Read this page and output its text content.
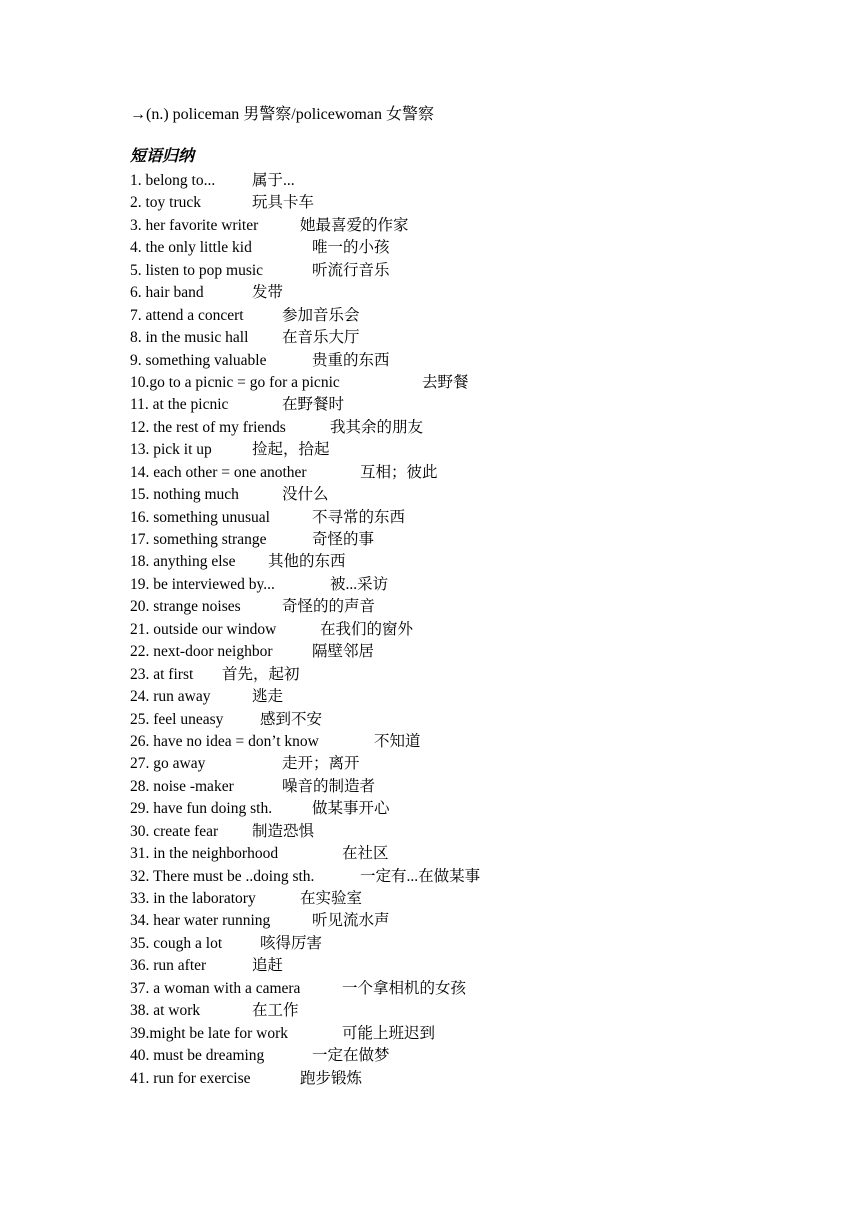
→(n.) policeman 男警察/policewoman 女警察
短语归纳
1. belong to... 属于...
2. toy truck	玩具卡车
3. her favorite writer	她最喜爱的作家
4. the only little kid	唯一的小孩
5. listen to pop music	听流行音乐
6. hair band	发带
7. attend a concert 参加音乐会
8. in the music hall 在音乐大厅
9. something valuable	贵重的东西
10.go to a picnic = go for a picnic	去野餐
11. at the picnic	在野餐时
12. the rest of my friends	我其余的朋友
13. pick it up	捡起，拾起
14. each other = one another	互相；彼此
15. nothing much	没什么
16. something unusual	不寻常的东西
17. something strange	奇怪的事
18. anything else 其他的东西
19. be interviewed by...	被...采访
20. strange noises	奇怪的的声音
21. outside our window	在我们的窗外
22. next-door neighbor	隔壁邻居
23. at first 首先，起初
24. run away	逃走
25. feel uneasy 感到不安
26. have no idea = don’t know	不知道
27. go away	走开；离开
28. noise -maker	噪音的制造者
29. have fun doing sth.	做某事开心
30. create fear 制造恐惧
31. in the neighborhood	在社区
32. There must be ..doing sth.	一定有...在做某事
33. in the laboratory	在实验室
34. hear water running	听见流水声
35. cough a lot 咳得厉害
36. run after	追赶
37. a woman with a camera	一个拿相机的女孩
38. at work	在工作
39.might be late for work	可能上班迟到
40. must be dreaming	一定在做梦
41. run for exercise	跑步锻炼
